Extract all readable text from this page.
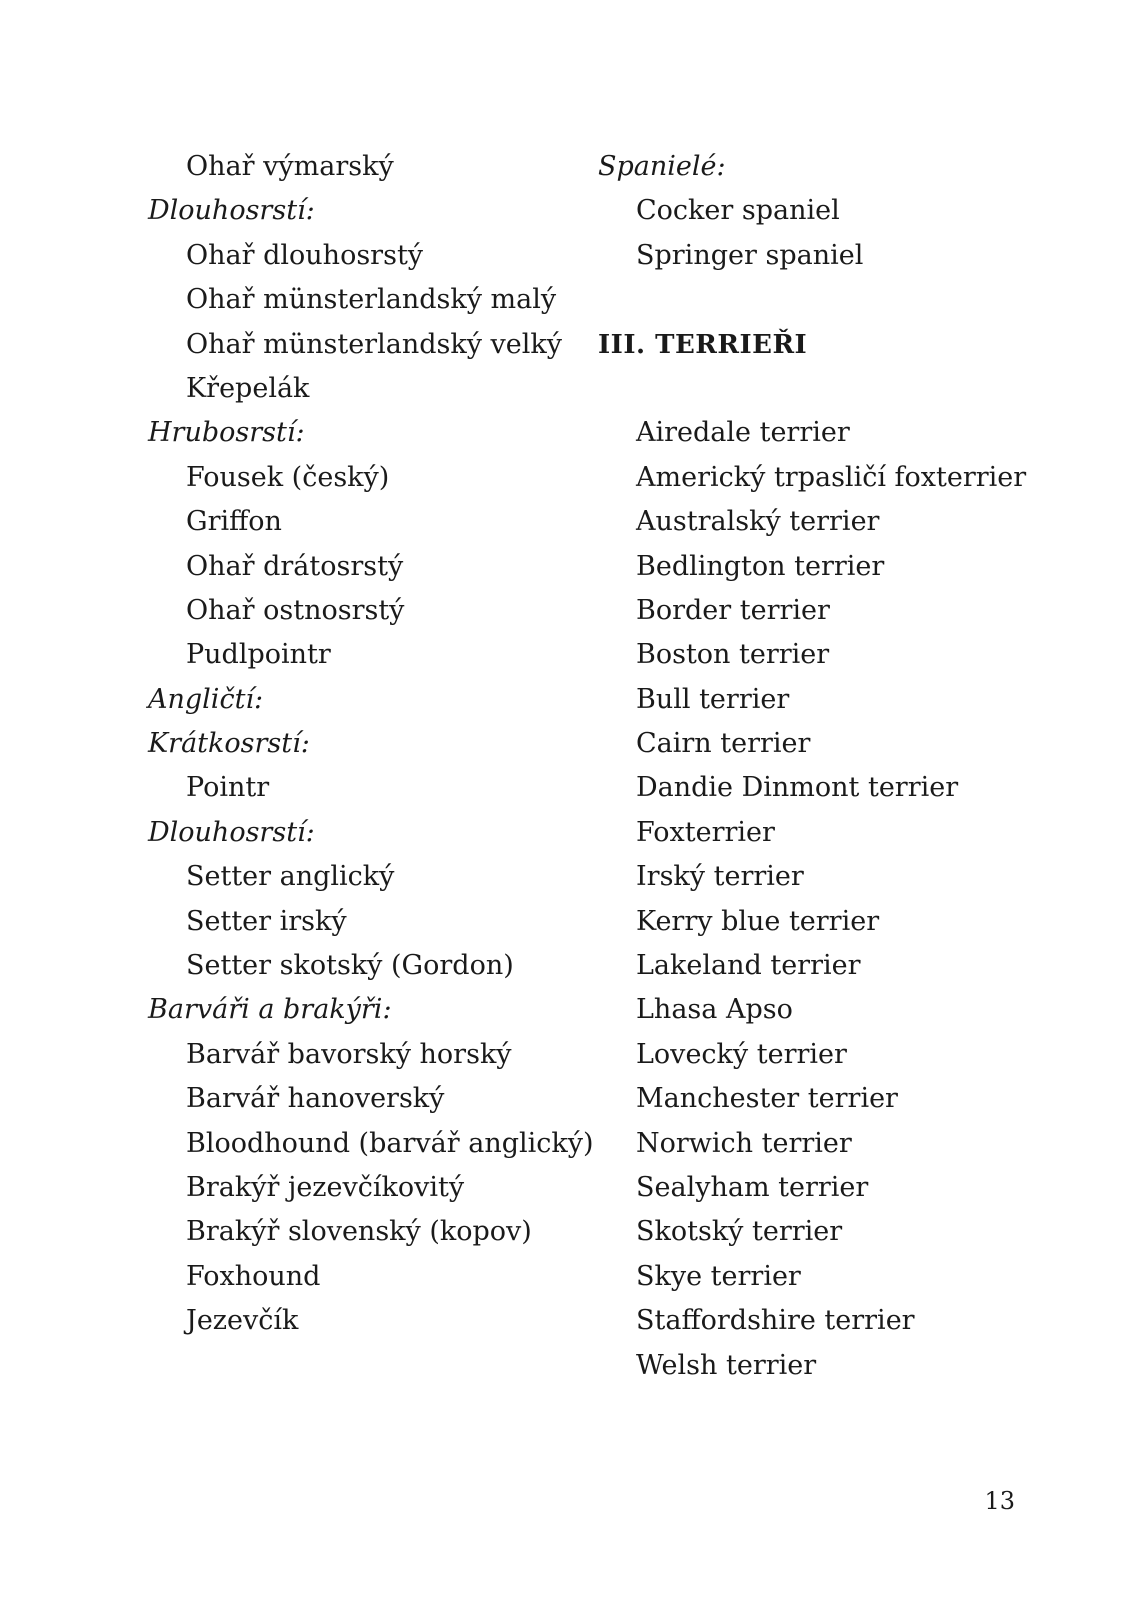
Ohař výmarský
Dlouhosrstí:
Ohař dlouhosrstý
Ohař münsterlandský malý
Ohař münsterlandský velký
Křepelák
Hrubosrstí:
Fousek (český)
Griffon
Ohař drátosrstý
Ohař ostnosrstý
Pudlpointr
Angličtí:
Krátkosrstí:
Pointr
Dlouhosrstí:
Setter anglický
Setter irský
Setter skotský (Gordon)
Barváři a brakýři:
Barvář bavorský horský
Barvář hanoverský
Bloodhound (barvář anglický)
Brakýř jezevčíkovitý
Brakýř slovenský (kopov)
Foxhound
Jezevčík
Spanielé:
Cocker spaniel
Springer spaniel
III. TERRIEŘI
Airedale terrier
Americký trpasličí foxterrier
Australský terrier
Bedlington terrier
Border terrier
Boston terrier
Bull terrier
Cairn terrier
Dandie Dinmont terrier
Foxterrier
Irský terrier
Kerry blue terrier
Lakeland terrier
Lhasa Apso
Lovecký terrier
Manchester terrier
Norwich terrier
Sealyham terrier
Skotský terrier
Skye terrier
Staffordshire terrier
Welsh terrier
13
